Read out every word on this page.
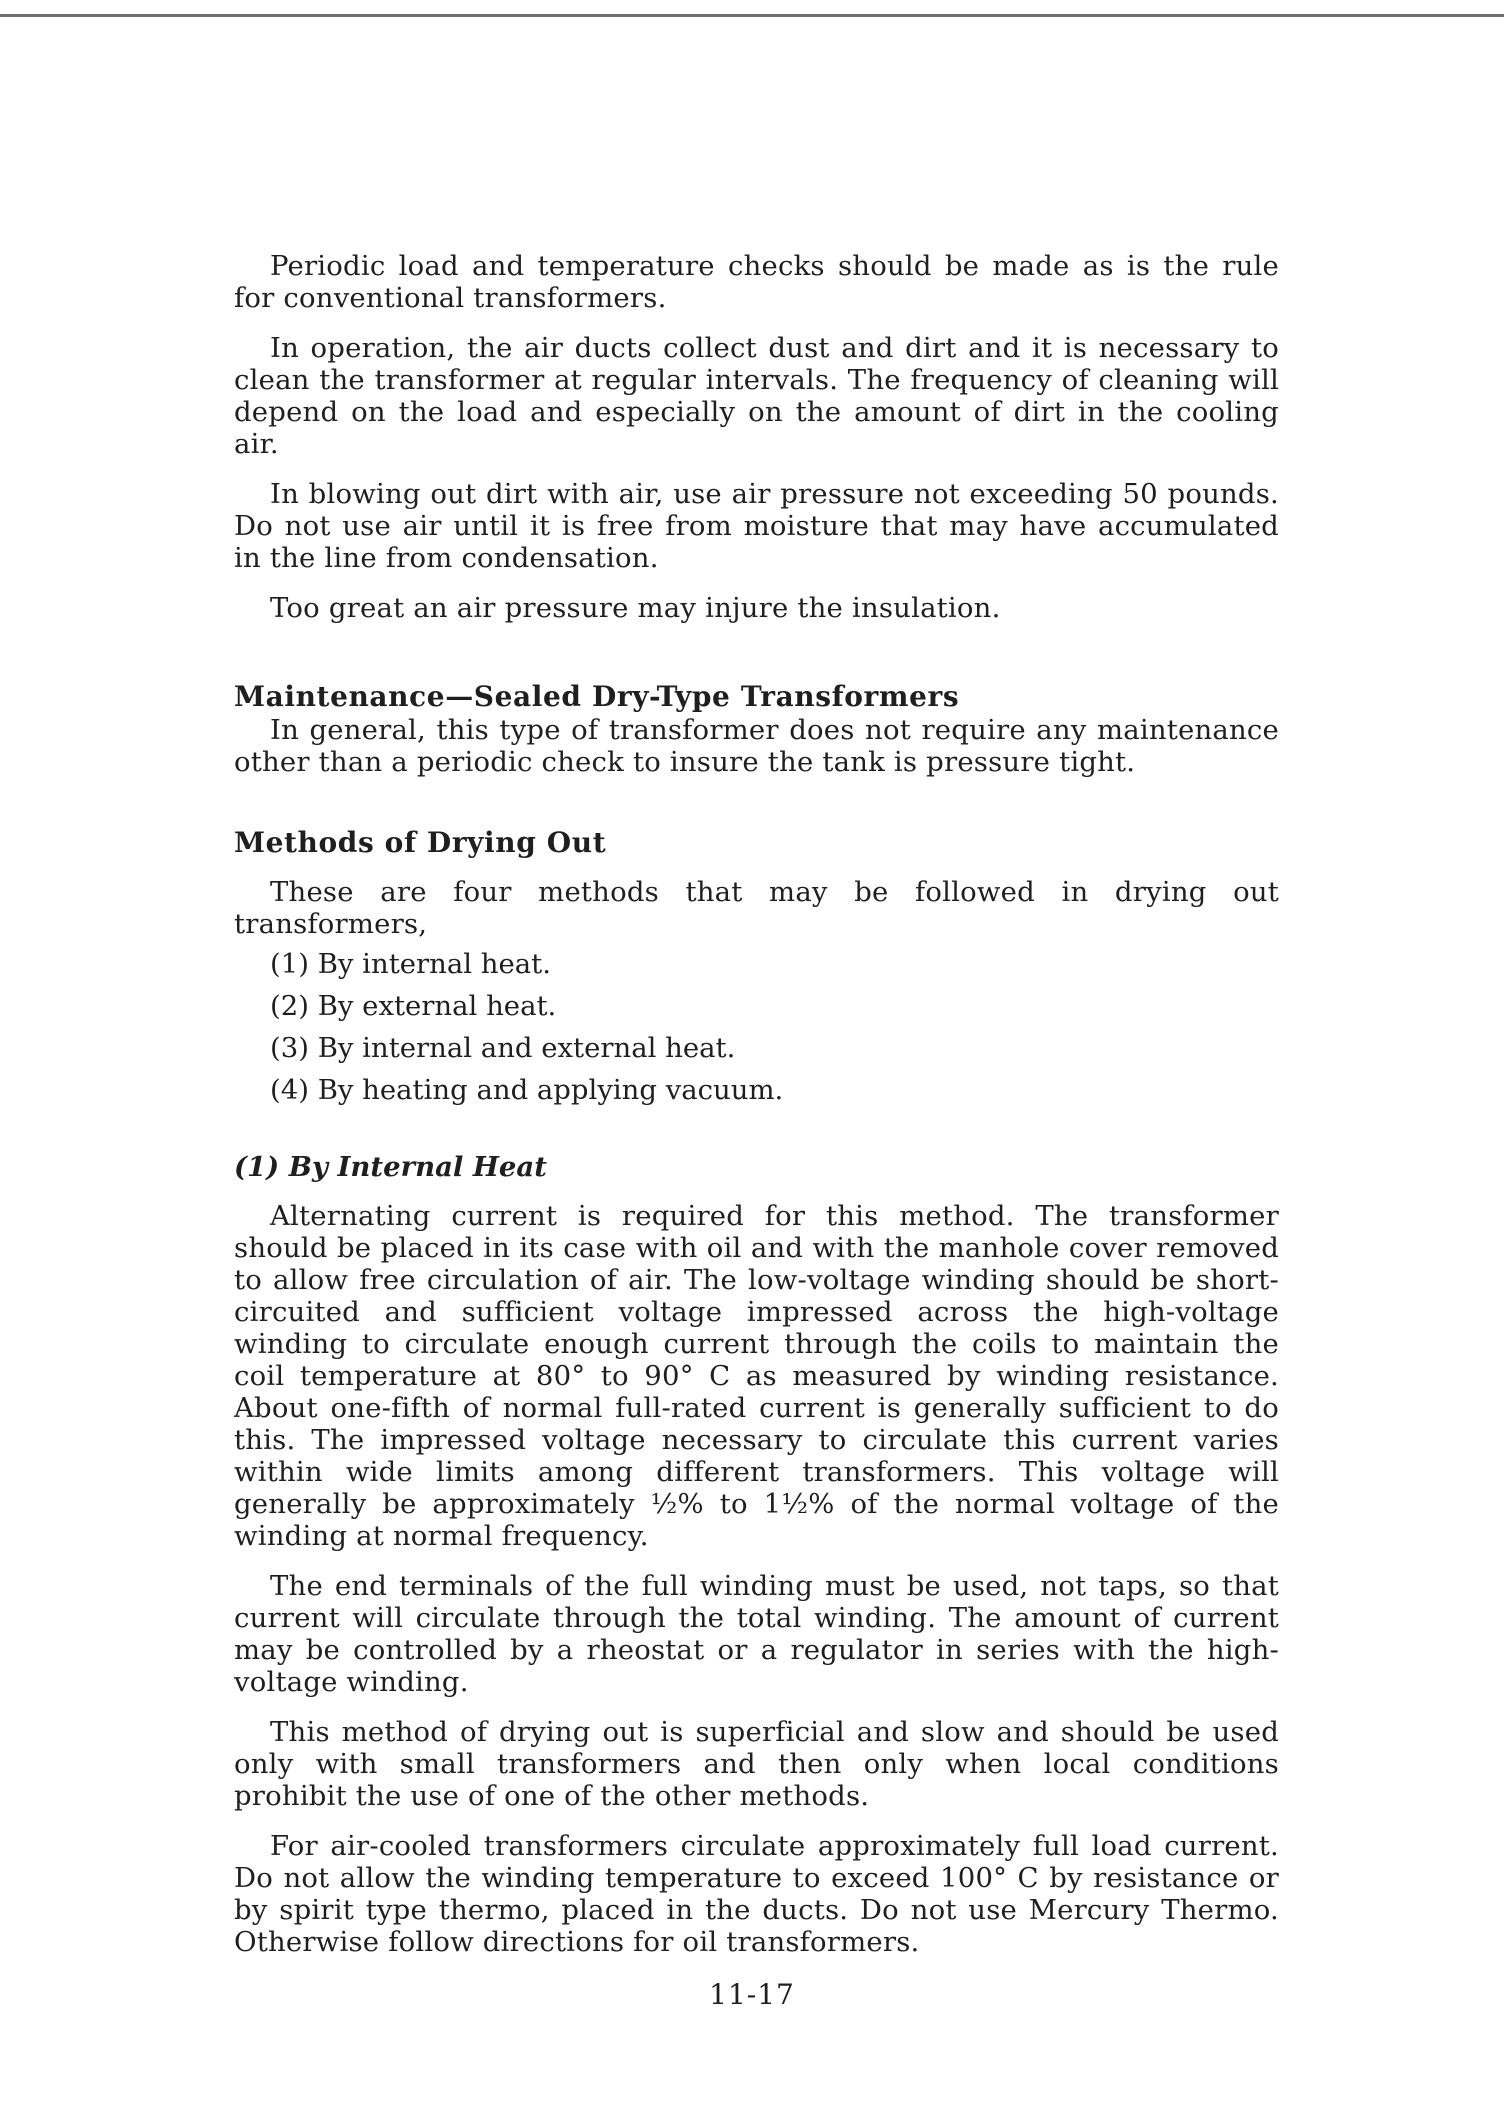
Periodic load and temperature checks should be made as is the rule for conventional transformers.

In operation, the air ducts collect dust and dirt and it is necessary to clean the transformer at regular intervals. The frequency of cleaning will depend on the load and especially on the amount of dirt in the cooling air.

In blowing out dirt with air, use air pressure not exceeding 50 pounds. Do not use air until it is free from moisture that may have accumulated in the line from condensation.

Too great an air pressure may injure the insulation.

Maintenance—Sealed Dry-Type Transformers

In general, this type of transformer does not require any maintenance other than a periodic check to insure the tank is pressure tight.

Methods of Drying Out

These are four methods that may be followed in drying out transformers,

(1) By internal heat.
(2) By external heat.
(3) By internal and external heat.
(4) By heating and applying vacuum.
(1) By Internal Heat

Alternating current is required for this method. The transformer should be placed in its case with oil and with the manhole cover removed to allow free circulation of air. The low-voltage winding should be short-circuited and sufficient voltage impressed across the high-voltage winding to circulate enough current through the coils to maintain the coil temperature at 80° to 90° C as measured by winding resistance. About one-fifth of normal full-rated current is generally sufficient to do this. The impressed voltage necessary to circulate this current varies within wide limits among different transformers. This voltage will generally be approximately ½% to 1½% of the normal voltage of the winding at normal frequency.

The end terminals of the full winding must be used, not taps, so that current will circulate through the total winding. The amount of current may be controlled by a rheostat or a regulator in series with the high-voltage winding.

This method of drying out is superficial and slow and should be used only with small transformers and then only when local conditions prohibit the use of one of the other methods.

For air-cooled transformers circulate approximately full load current. Do not allow the winding temperature to exceed 100° C by resistance or by spirit type thermo, placed in the ducts. Do not use Mercury Thermo. Otherwise follow directions for oil transformers.

11-17
